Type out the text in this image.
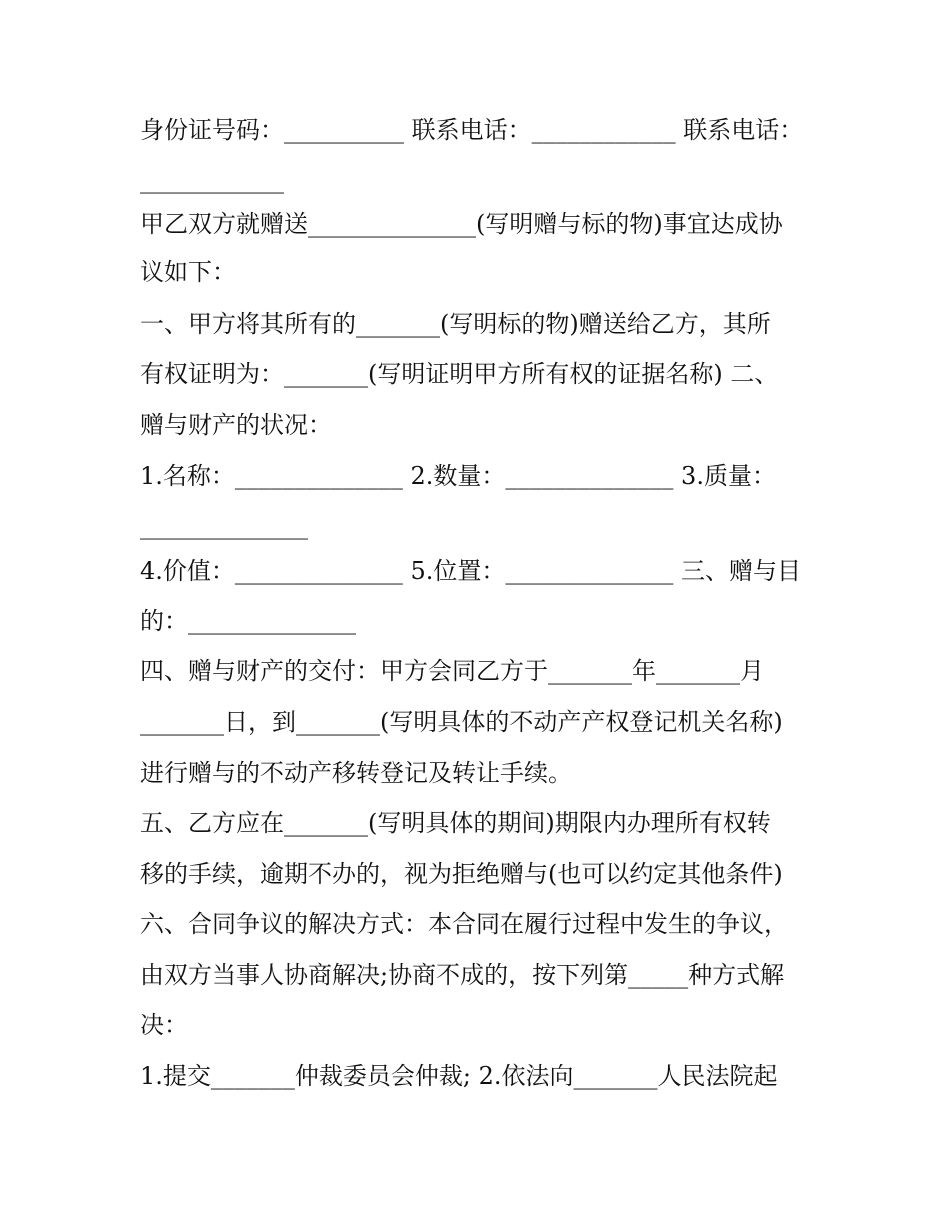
身份证号码：__________ 联系电话：____________ 联系电话：
____________
甲乙双方就赠送______________(写明赠与标的物)事宜达成协
议如下：
一、甲方将其所有的_______(写明标的物)赠送给乙方，其所
有权证明为：_______(写明证明甲方所有权的证据名称) 二、
赠与财产的状况：
1.名称：______________ 2.数量：______________ 3.质量：
______________
4.价值：______________ 5.位置：______________ 三、赠与目
的：______________
四、赠与财产的交付：甲方会同乙方于_______年_______月
_______日，到_______(写明具体的不动产产权登记机关名称)
进行赠与的不动产移转登记及转让手续。
五、乙方应在_______(写明具体的期间)期限内办理所有权转
移的手续，逾期不办的，视为拒绝赠与(也可以约定其他条件)
六、合同争议的解决方式：本合同在履行过程中发生的争议，
由双方当事人协商解决;协商不成的，按下列第_____种方式解
决：
1.提交_______仲裁委员会仲裁; 2.依法向_______人民法院起
